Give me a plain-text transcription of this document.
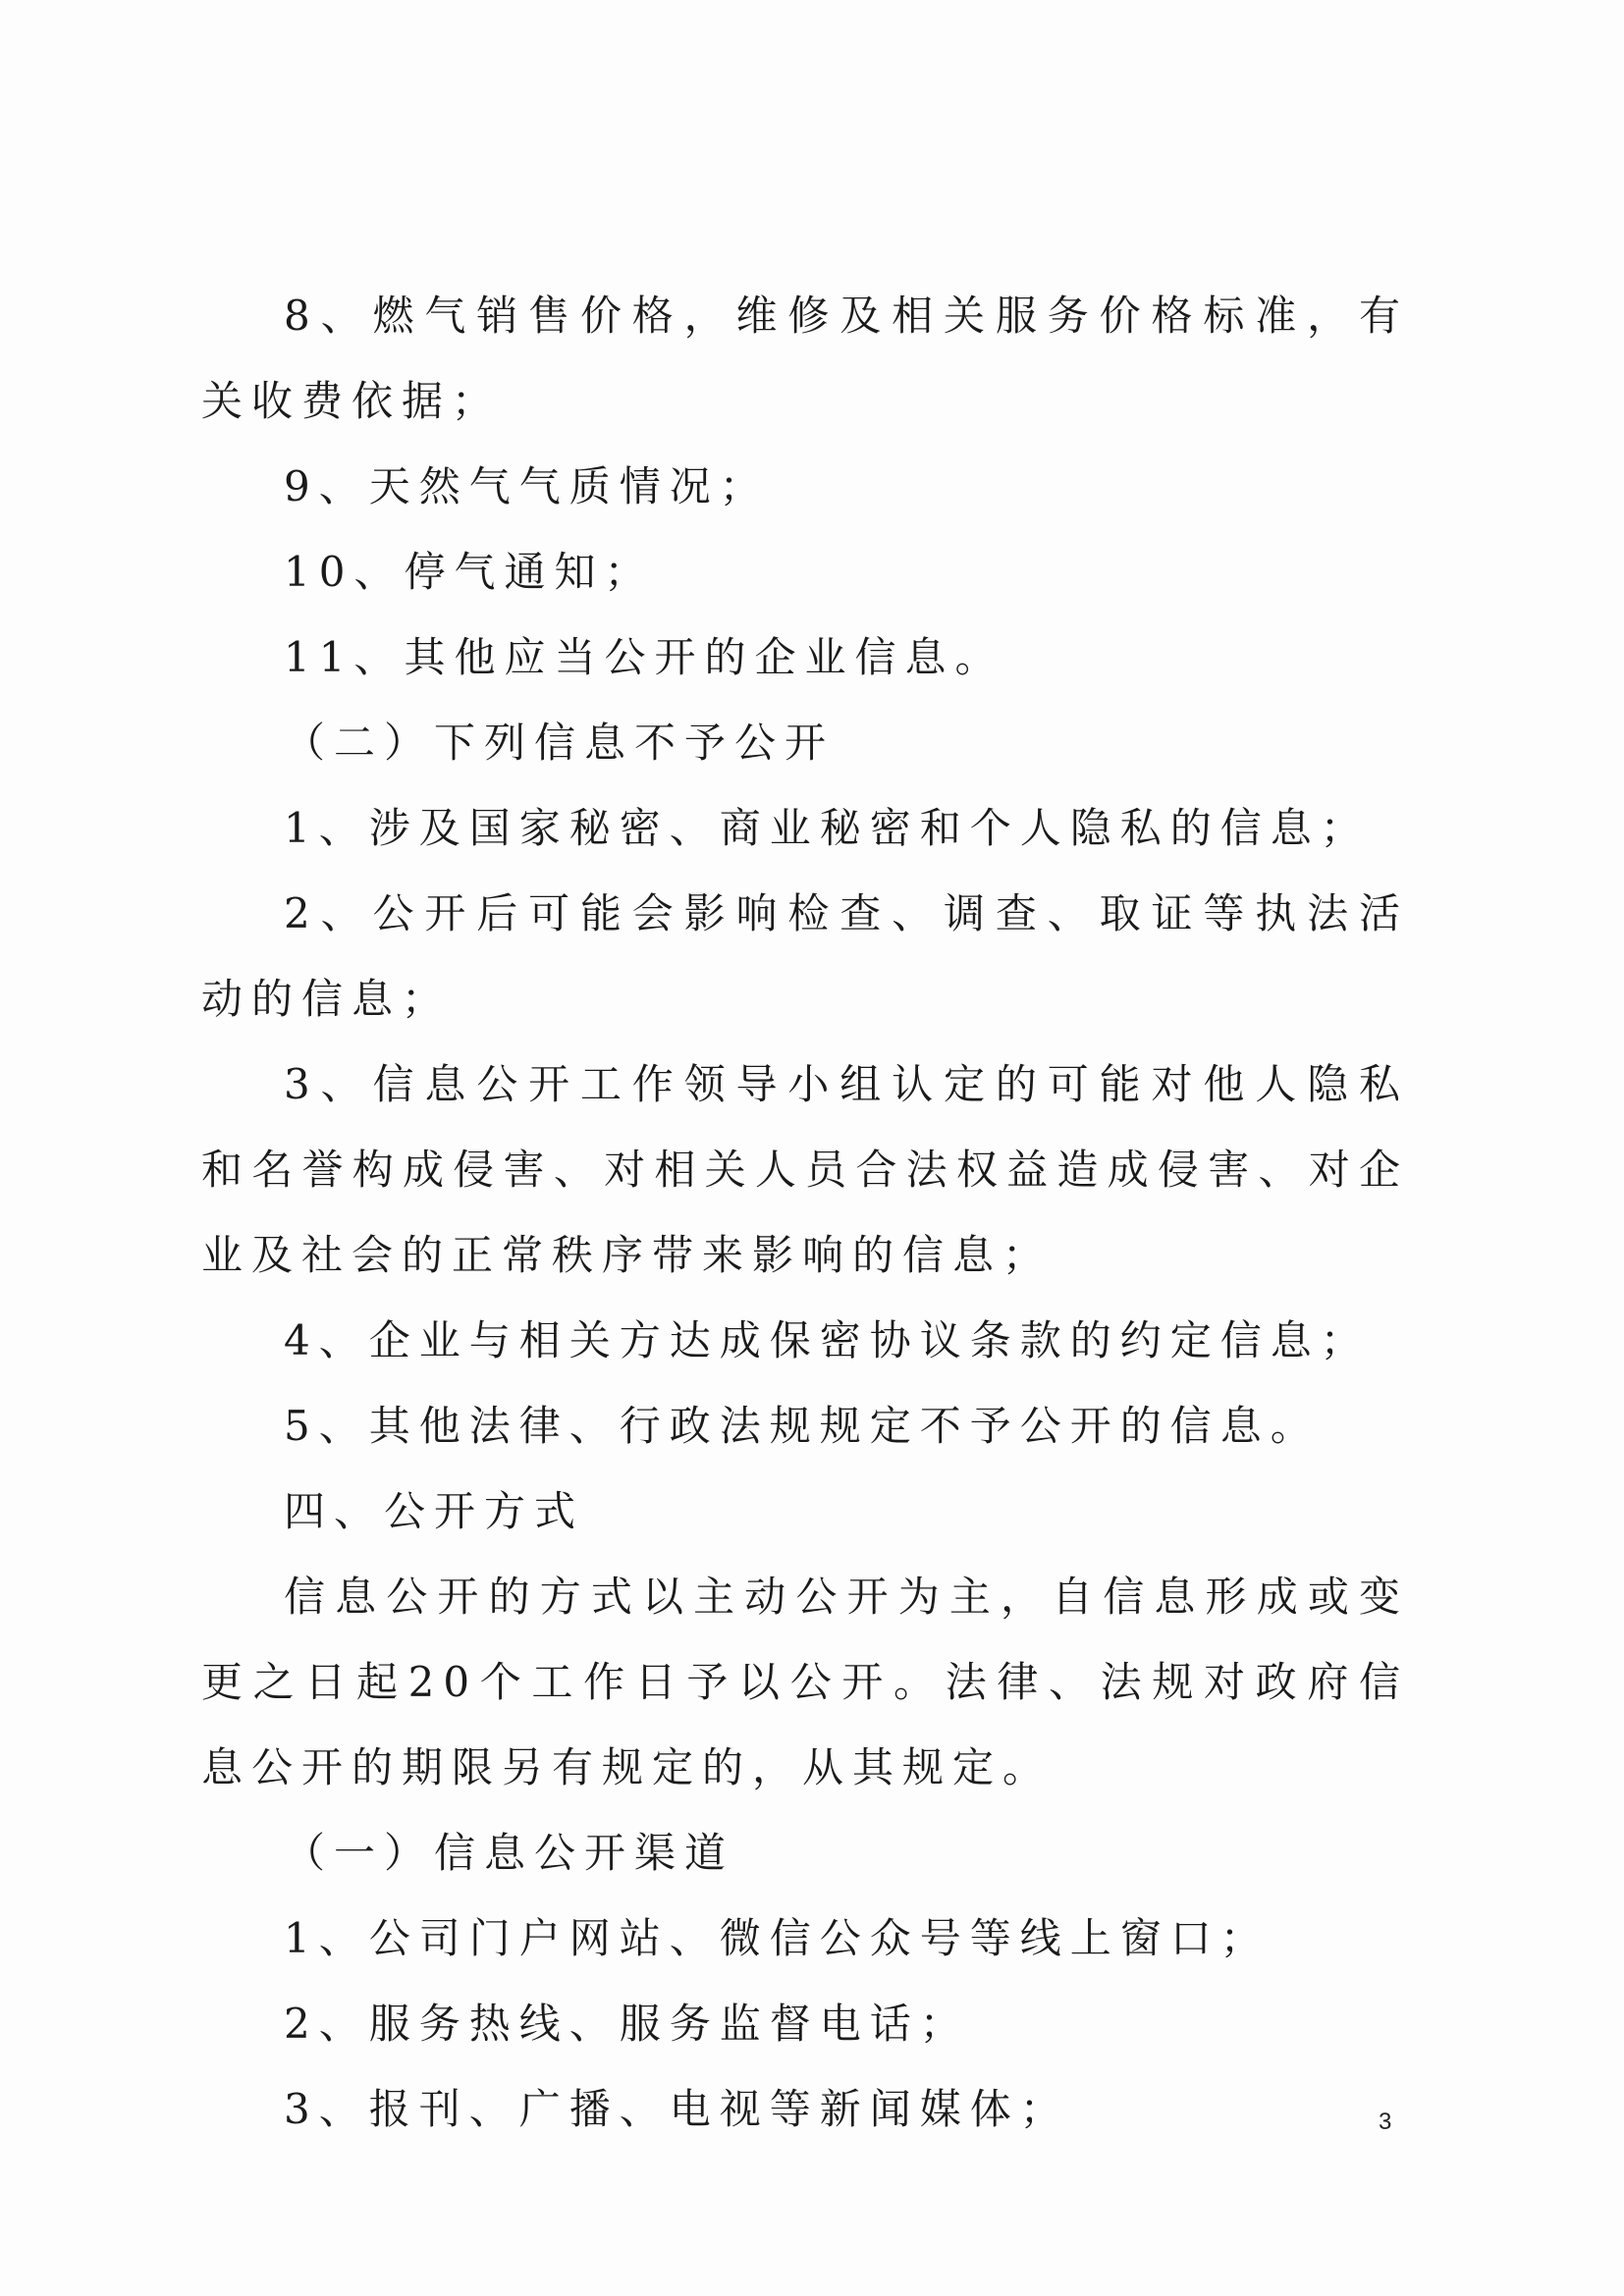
8、燃气销售价格，维修及相关服务价格标准，有关收费依据；

9、天然气气质情况；

10、停气通知；

11、其他应当公开的企业信息。

（二）下列信息不予公开

1、涉及国家秘密、商业秘密和个人隐私的信息；

2、公开后可能会影响检查、调查、取证等执法活动的信息；

3、信息公开工作领导小组认定的可能对他人隐私和名誉构成侵害、对相关人员合法权益造成侵害、对企业及社会的正常秩序带来影响的信息；

4、企业与相关方达成保密协议条款的约定信息；

5、其他法律、行政法规规定不予公开的信息。

四、公开方式

信息公开的方式以主动公开为主，自信息形成或变更之日起20个工作日予以公开。法律、法规对政府信息公开的期限另有规定的，从其规定。

（一）信息公开渠道

1、公司门户网站、微信公众号等线上窗口；

2、服务热线、服务监督电话；

3、报刊、广播、电视等新闻媒体；	3
